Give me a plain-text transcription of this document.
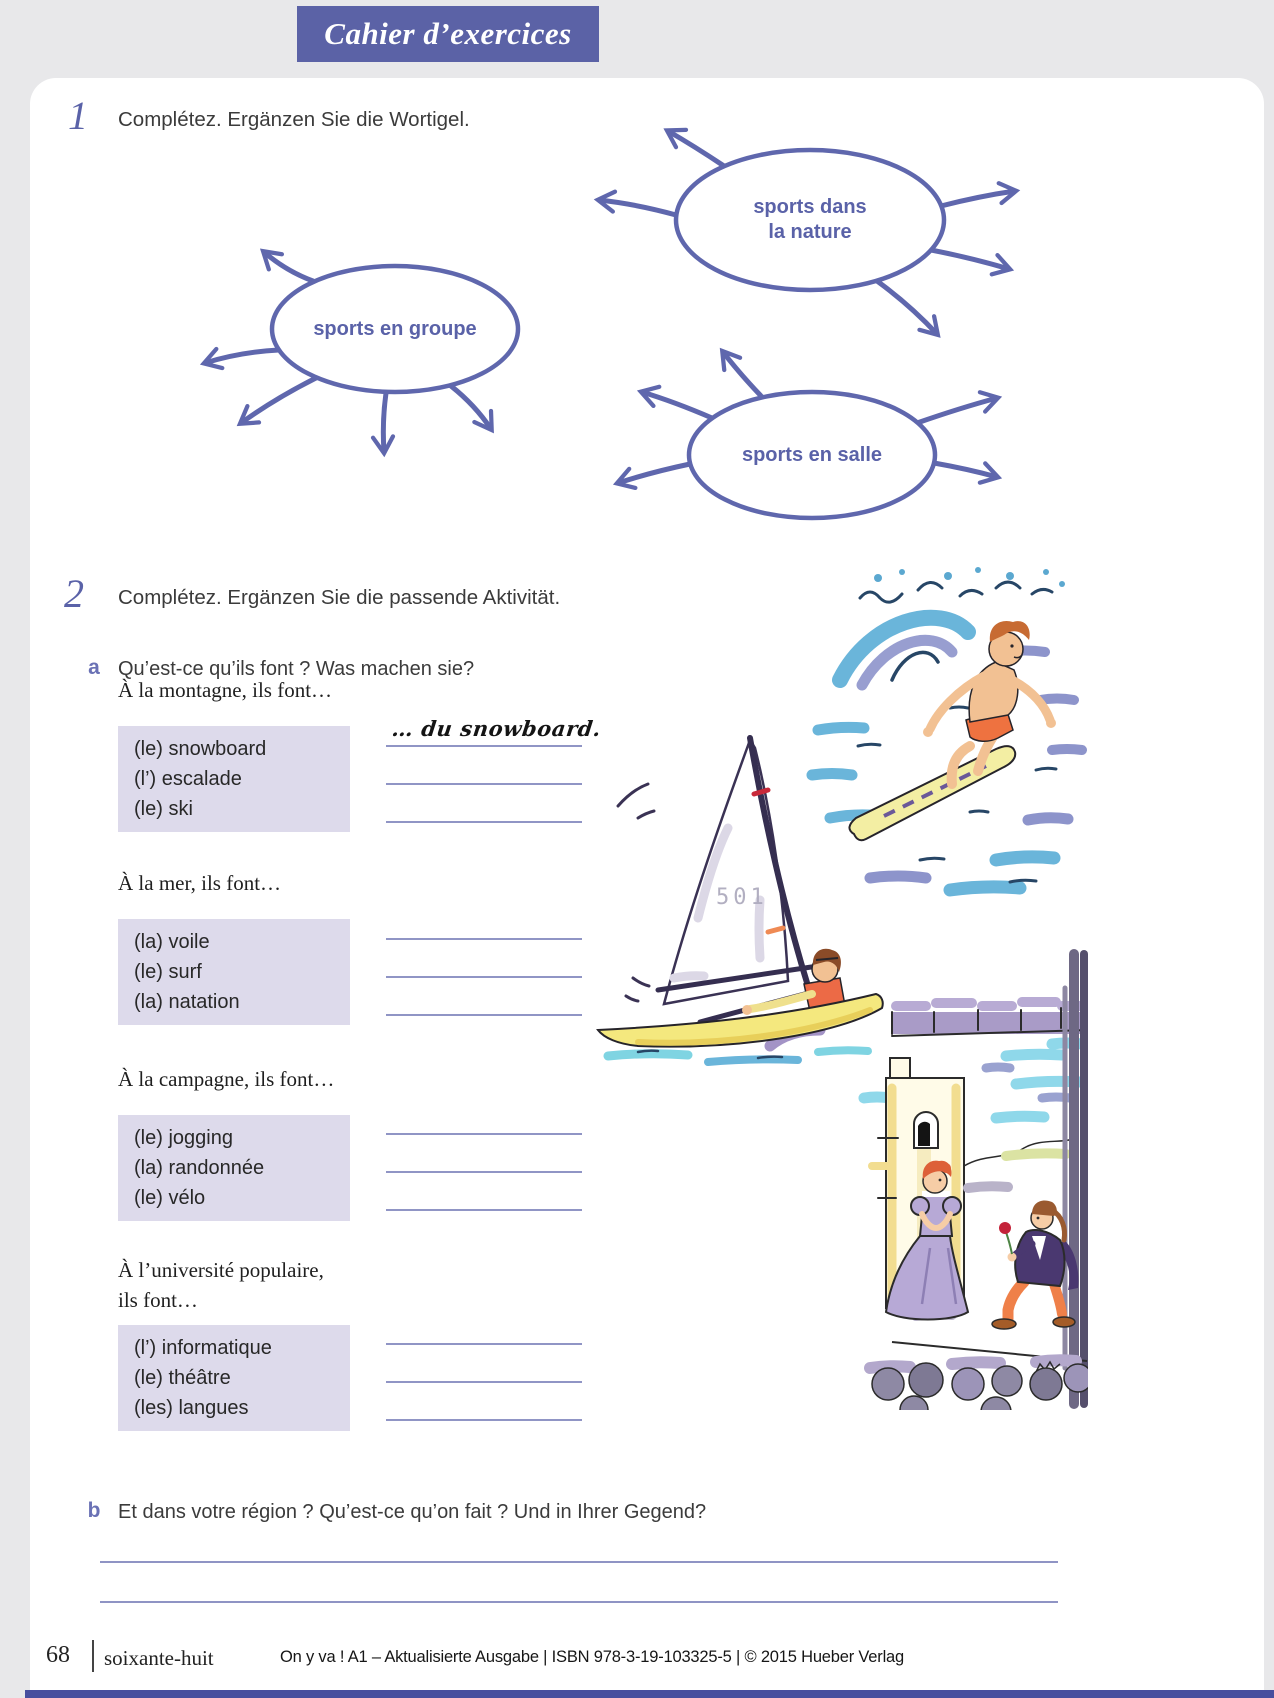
Cahier d’exercices
1	Complétez. Ergänzen Sie die Wortigel.
sports en groupe
sports dans
la nature
sports en salle
2	Complétez. Ergänzen Sie die passende Aktivität.
a Qu’est-ce qu’ils font ? Was machen sie?
À la montagne, ils font…
(le) snowboard
(l’) escalade
(le) ski
… du snowboard.
À la mer, ils font…
(la) voile
(le) surf
(la) natation
À la campagne, ils font…
(le) jogging
(la) randonnée
(le) vélo
À l’université populaire,
ils font…
(l’) informatique
(le) théâtre
(les) langues
b Et dans votre région ? Qu’est-ce qu’on fait ? Und in Ihrer Gegend?
501
68 soixante-huit	On y va ! A1 – Aktualisierte Ausgabe | ISBN 978-3-19-103325-5 | © 2015 Hueber Verlag
